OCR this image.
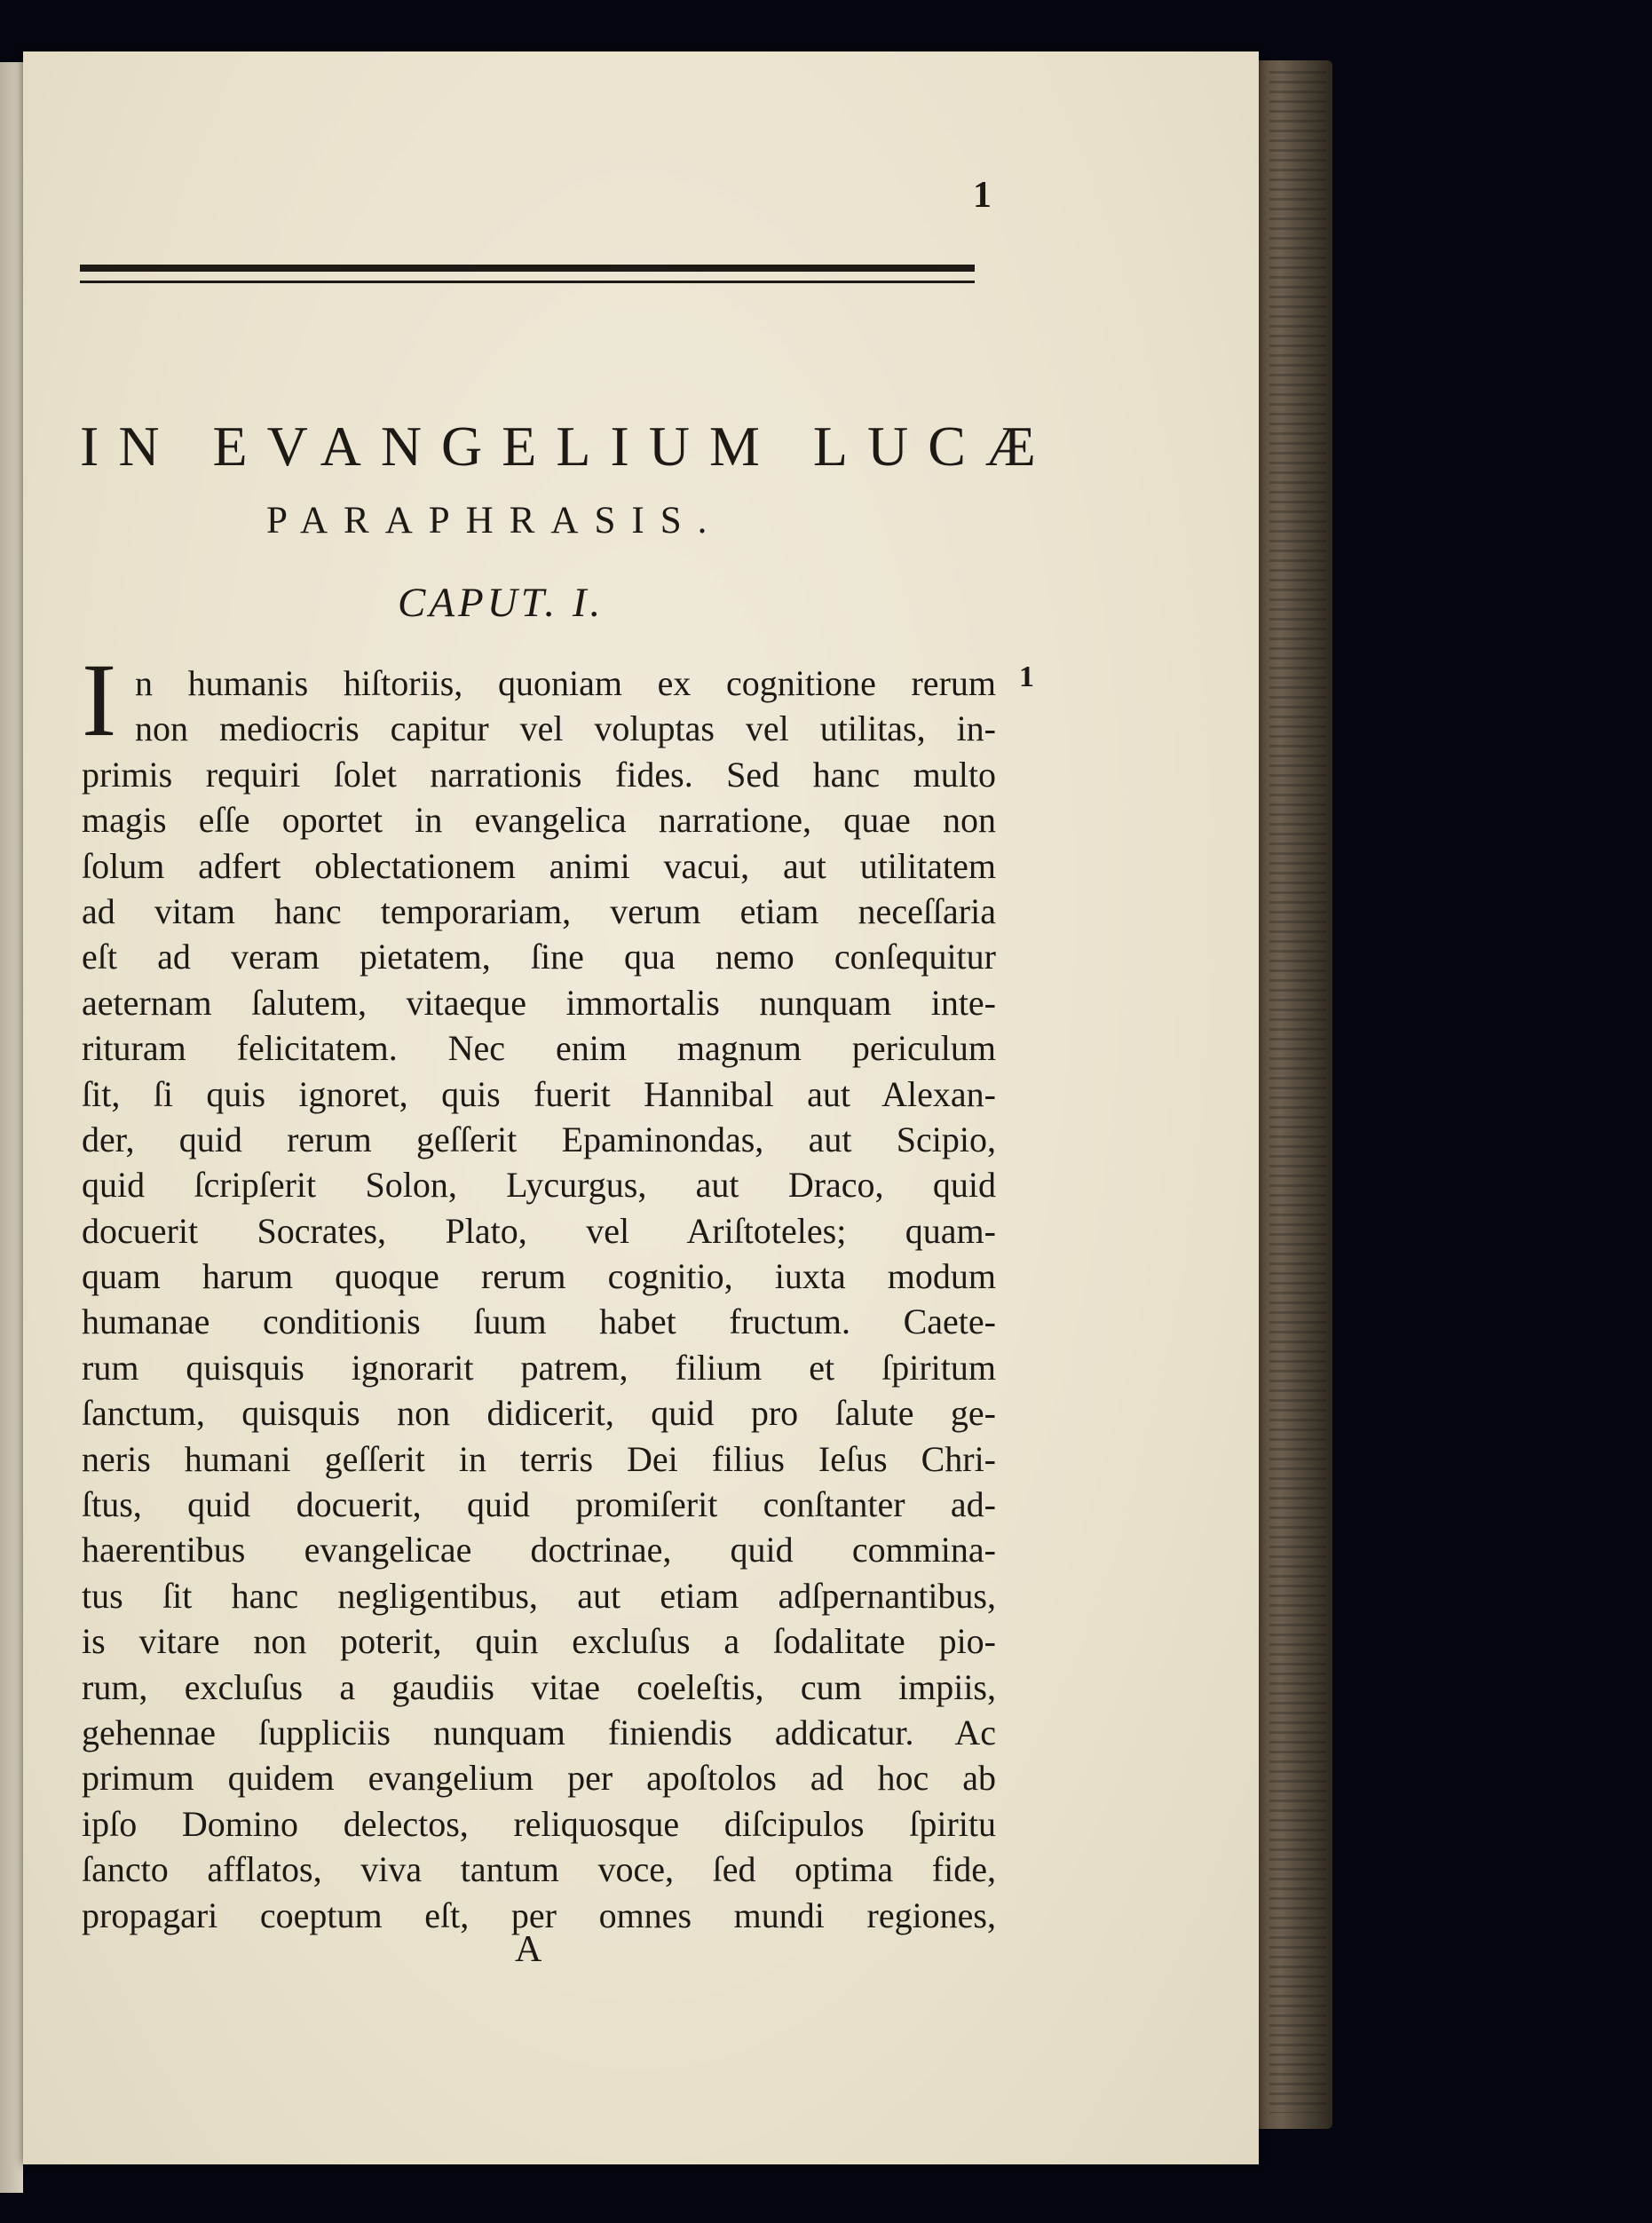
1
IN EVANGELIUM LUCÆ
PARAPHRASIS.
CAPUT. I.
1
I n humanis hiſtoriis, quoniam ex cognitione rerum
non mediocris capitur vel voluptas vel utilitas, in-
primis requiri ſolet narrationis fides. Sed hanc multo
magis eſſe oportet in evangelica narratione, quae non
ſolum adfert oblectationem animi vacui, aut utilitatem
ad vitam hanc temporariam, verum etiam neceſſaria
eſt ad veram pietatem, ſine qua nemo conſequitur
aeternam ſalutem, vitaeque immortalis nunquam inte-
rituram felicitatem. Nec enim magnum periculum
ſit, ſi quis ignoret, quis fuerit Hannibal aut Alexan-
der, quid rerum geſſerit Epaminondas, aut Scipio,
quid ſcripſerit Solon, Lycurgus, aut Draco, quid
docuerit Socrates, Plato, vel Ariſtoteles; quam-
quam harum quoque rerum cognitio, iuxta modum
humanae conditionis ſuum habet fructum. Caete-
rum quisquis ignorarit patrem, filium et ſpiritum
ſanctum, quisquis non didicerit, quid pro ſalute ge-
neris humani geſſerit in terris Dei filius Ieſus Chri-
ſtus, quid docuerit, quid promiſerit conſtanter ad-
haerentibus evangelicae doctrinae, quid commina-
tus ſit hanc negligentibus, aut etiam adſpernantibus,
is vitare non poterit, quin excluſus a ſodalitate pio-
rum, excluſus a gaudiis vitae coeleſtis, cum impiis,
gehennae ſuppliciis nunquam finiendis addicatur. Ac
primum quidem evangelium per apoſtolos ad hoc ab
ipſo Domino delectos, reliquosque diſcipulos ſpiritu
ſancto afflatos, viva tantum voce, ſed optima fide,
propagari coeptum eſt, per omnes mundi regiones,
A
